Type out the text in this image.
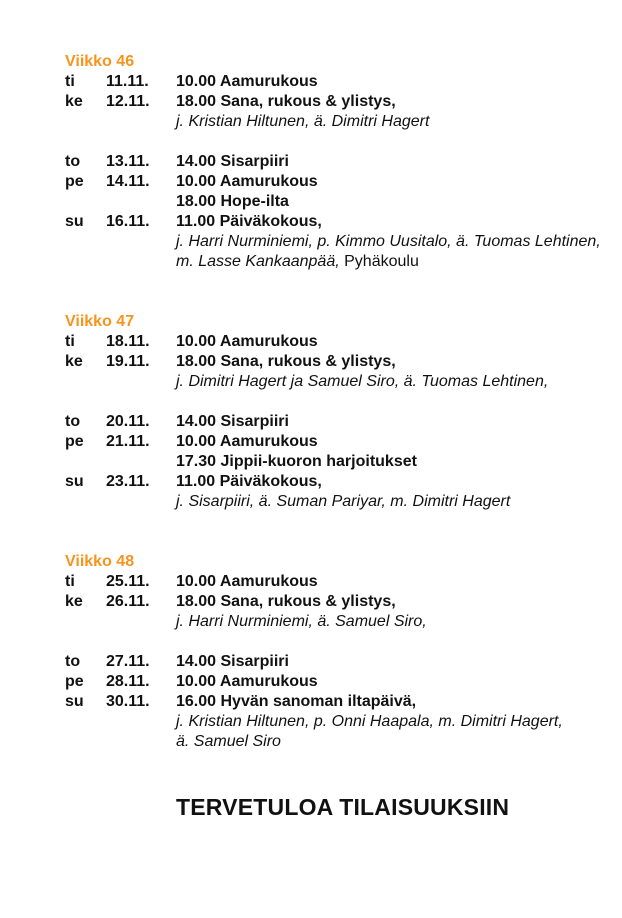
Viikko 46
ti	11.11.	10.00 Aamurukous
ke	12.11.	18.00 Sana, rukous & ylistys,
j. Kristian Hiltunen, ä. Dimitri Hagert
to	13.11.	14.00 Sisarpiiri
pe	14.11.	10.00 Aamurukous
18.00 Hope-ilta
su	16.11.	11.00 Päiväkokous,
j. Harri Nurminiemi, p. Kimmo Uusitalo, ä. Tuomas Lehtinen,
m. Lasse Kankaanpää, Pyhäkoulu
Viikko 47
ti	18.11.	10.00 Aamurukous
ke	19.11.	18.00 Sana, rukous & ylistys,
j. Dimitri Hagert ja Samuel Siro, ä. Tuomas Lehtinen,
to	20.11.	14.00 Sisarpiiri
pe	21.11.	10.00 Aamurukous
17.30 Jippii-kuoron harjoitukset
su	23.11.	11.00 Päiväkokous,
j. Sisarpiiri, ä. Suman Pariyar, m. Dimitri Hagert
Viikko 48
ti	25.11.	10.00 Aamurukous
ke	26.11.	18.00 Sana, rukous & ylistys,
j. Harri Nurminiemi, ä. Samuel Siro,
to	27.11.	14.00 Sisarpiiri
pe	28.11.	10.00 Aamurukous
su	30.11.	16.00 Hyvän sanoman iltapäivä,
j. Kristian Hiltunen, p. Onni Haapala, m. Dimitri Hagert,
ä. Samuel Siro
TERVETULOA TILAISUUKSIIN
